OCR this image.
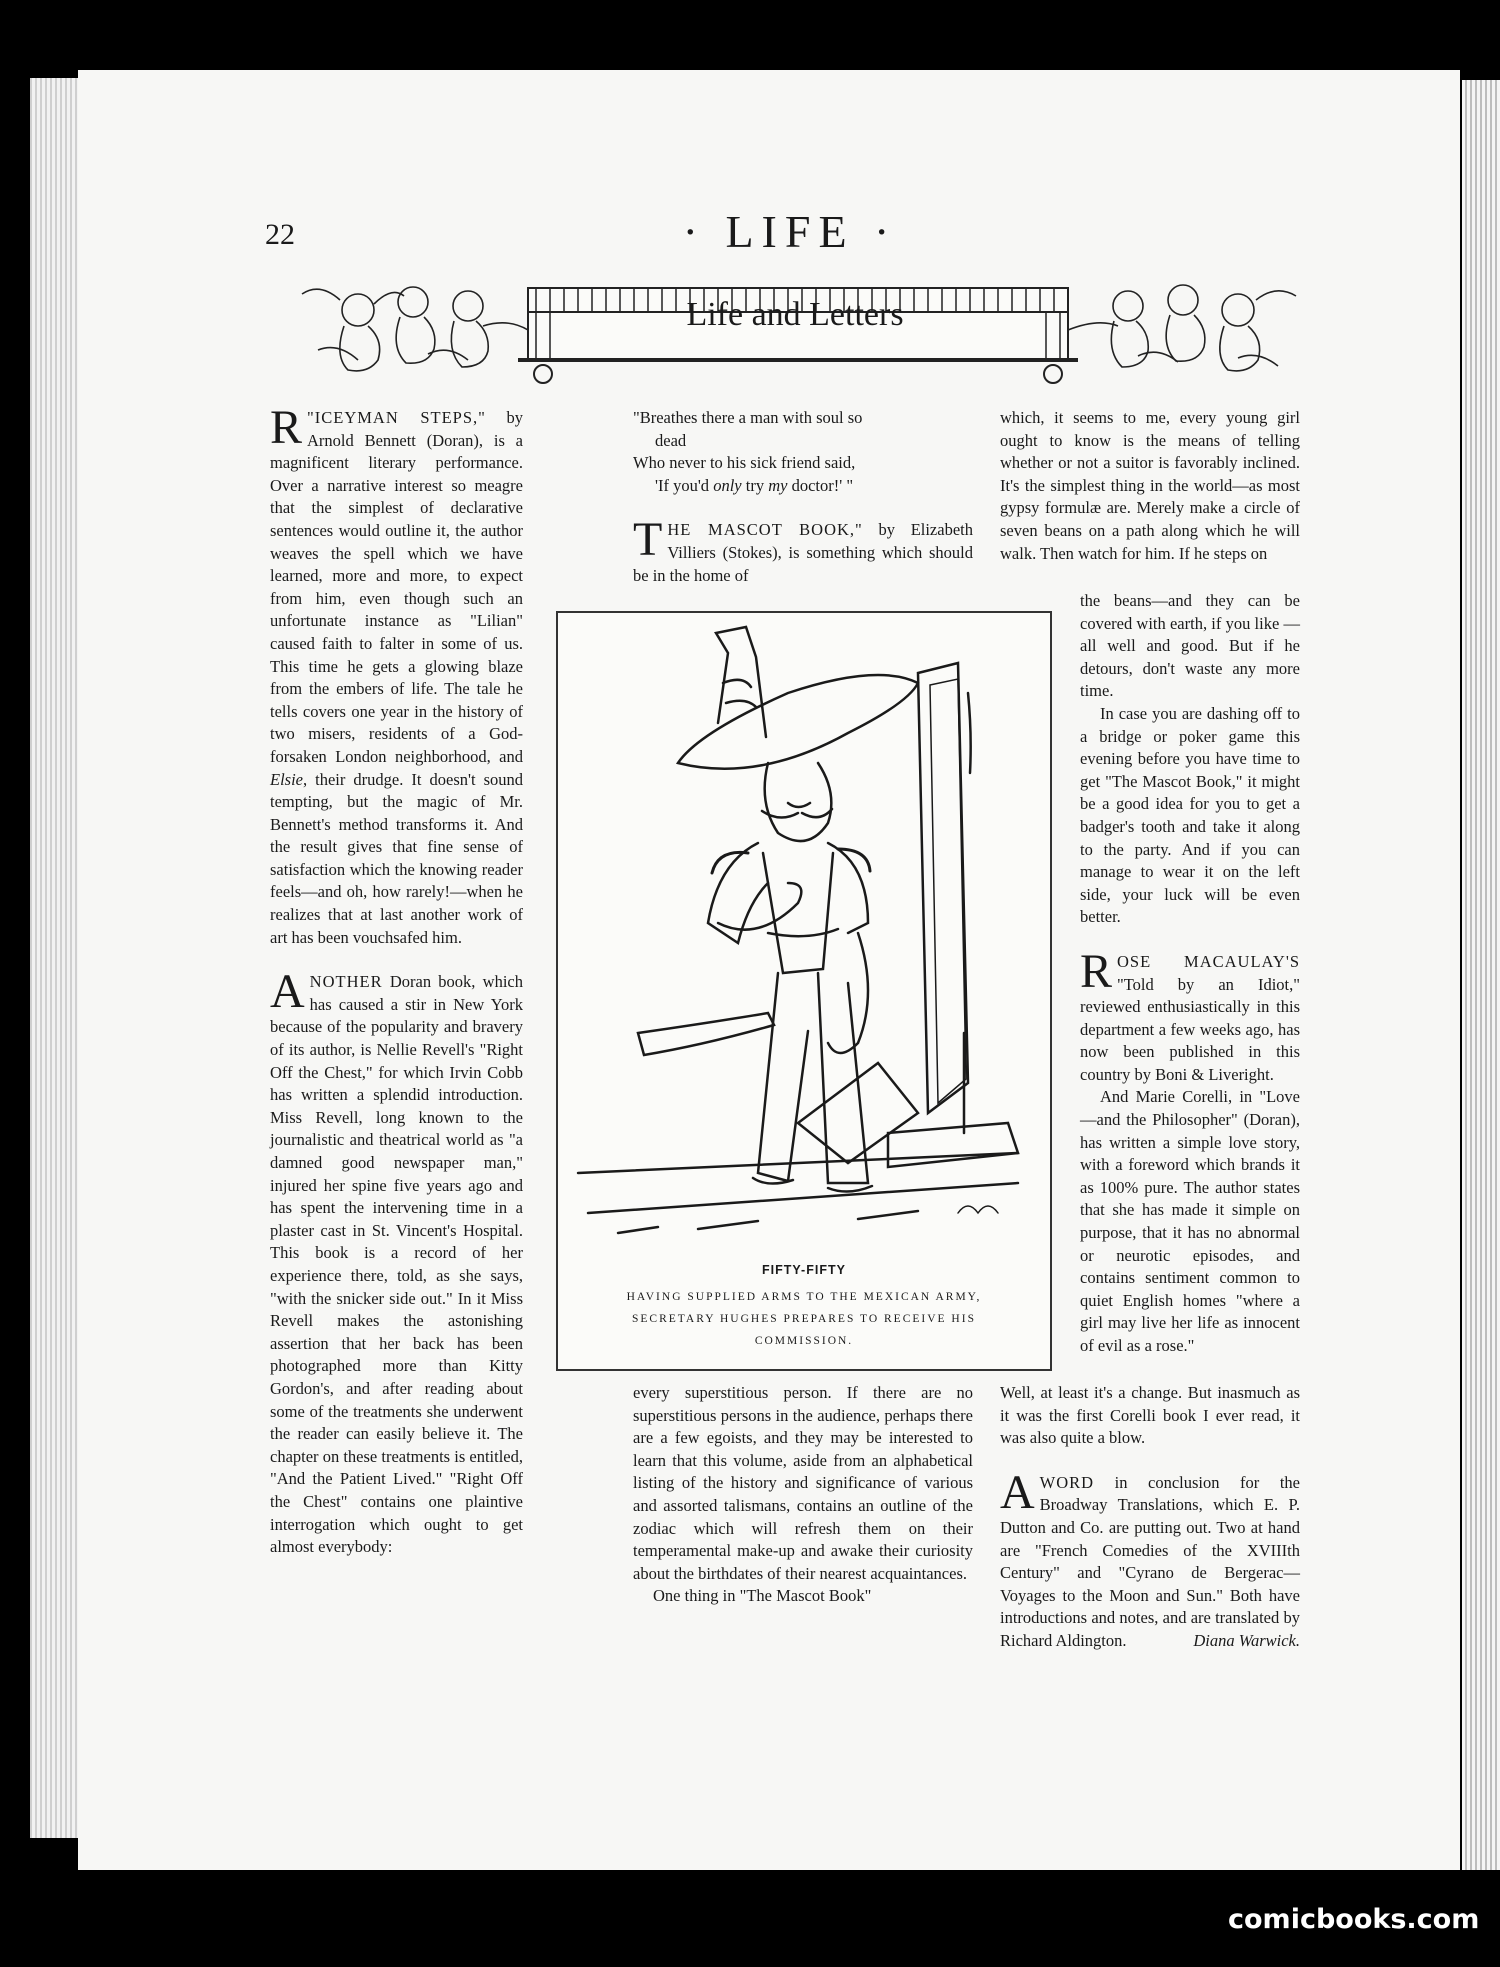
22	· LIFE ·
Life and Letters

R "ICEYMAN STEPS," by Arnold Bennett (Doran), is a magnificent literary performance. Over a narrative interest so meagre that the simplest of declarative sentences would outline it, the author weaves the spell which we have learned, more and more, to expect from him, even though such an unfortunate instance as "Lilian" caused faith to falter in some of us. This time he gets a glowing blaze from the embers of life. The tale he tells covers one year in the history of two misers, residents of a God-forsaken London neighborhood, and Elsie, their drudge. It doesn't sound tempting, but the magic of Mr. Bennett's method transforms it. And the result gives that fine sense of satisfaction which the knowing reader feels—and oh, how rarely!—when he realizes that at last another work of art has been vouchsafed him.

ANOTHER Doran book, which has caused a stir in New York because of the popularity and bravery of its author, is Nellie Revell's "Right Off the Chest," for which Irvin Cobb has written a splendid introduction. Miss Revell, long known to the journalistic and theatrical world as "a damned good newspaper man," injured her spine five years ago and has spent the intervening time in a plaster cast in St. Vincent's Hospital. This book is a record of her experience there, told, as she says, "with the snicker side out." In it Miss Revell makes the astonishing assertion that her back has been photographed more than Kitty Gordon's, and after reading about some of the treatments she underwent the reader can easily believe it. The chapter on these treatments is entitled, "And the Patient Lived." "Right Off the Chest" contains one plaintive interrogation which ought to get almost everybody:

"Breathes there a man with soul so
dead
Who never to his sick friend said,
'If you'd only try my doctor!' "

THE MASCOT BOOK," by Elizabeth Villiers (Stokes), is something which should be in the home of

every superstitious person. If there are no superstitious persons in the audience, perhaps there are a few egoists, and they may be interested to learn that this volume, aside from an alphabetical listing of the history and significance of various and assorted talismans, contains an outline of the zodiac which will refresh them on their temperamental make-up and awake their curiosity about the birthdates of their nearest acquaintances.

One thing in "The Mascot Book"

which, it seems to me, every young girl ought to know is the means of telling whether or not a suitor is favorably inclined. It's the simplest thing in the world—as most gypsy formulæ are. Merely make a circle of seven beans on a path along which he will walk. Then watch for him. If he steps on

the beans—and they can be covered with earth, if you like —all well and good. But if he detours, don't waste any more time.

In case you are dashing off to a bridge or poker game this evening before you have time to get "The Mascot Book," it might be a good idea for you to get a badger's tooth and take it along to the party. And if you can manage to wear it on the left side, your luck will be even better.

ROSE MACAULAY'S "Told by an Idiot," reviewed enthusiastically in this department a few weeks ago, has now been published in this country by Boni & Liveright.

And Marie Corelli, in "Love—and the Philosopher" (Doran), has written a simple love story, with a foreword which brands it as 100% pure. The author states that she has made it simple on purpose, that it has no abnormal or neurotic episodes, and contains sentiment common to quiet English homes "where a girl may live her life as innocent of evil as a rose."

Well, at least it's a change. But inasmuch as it was the first Corelli book I ever read, it was also quite a blow.

AWORD in conclusion for the Broadway Translations, which E. P. Dutton and Co. are putting out. Two at hand are "French Comedies of the XVIIIth Century" and "Cyrano de Bergerac—Voyages to the Moon and Sun." Both have introductions and notes, and are translated by Richard Aldington.	Diana Warwick.

FIFTY-FIFTY
HAVING SUPPLIED ARMS TO THE MEXICAN ARMY, SECRETARY HUGHES PREPARES TO RECEIVE HIS COMMISSION.
comicbooks.com
